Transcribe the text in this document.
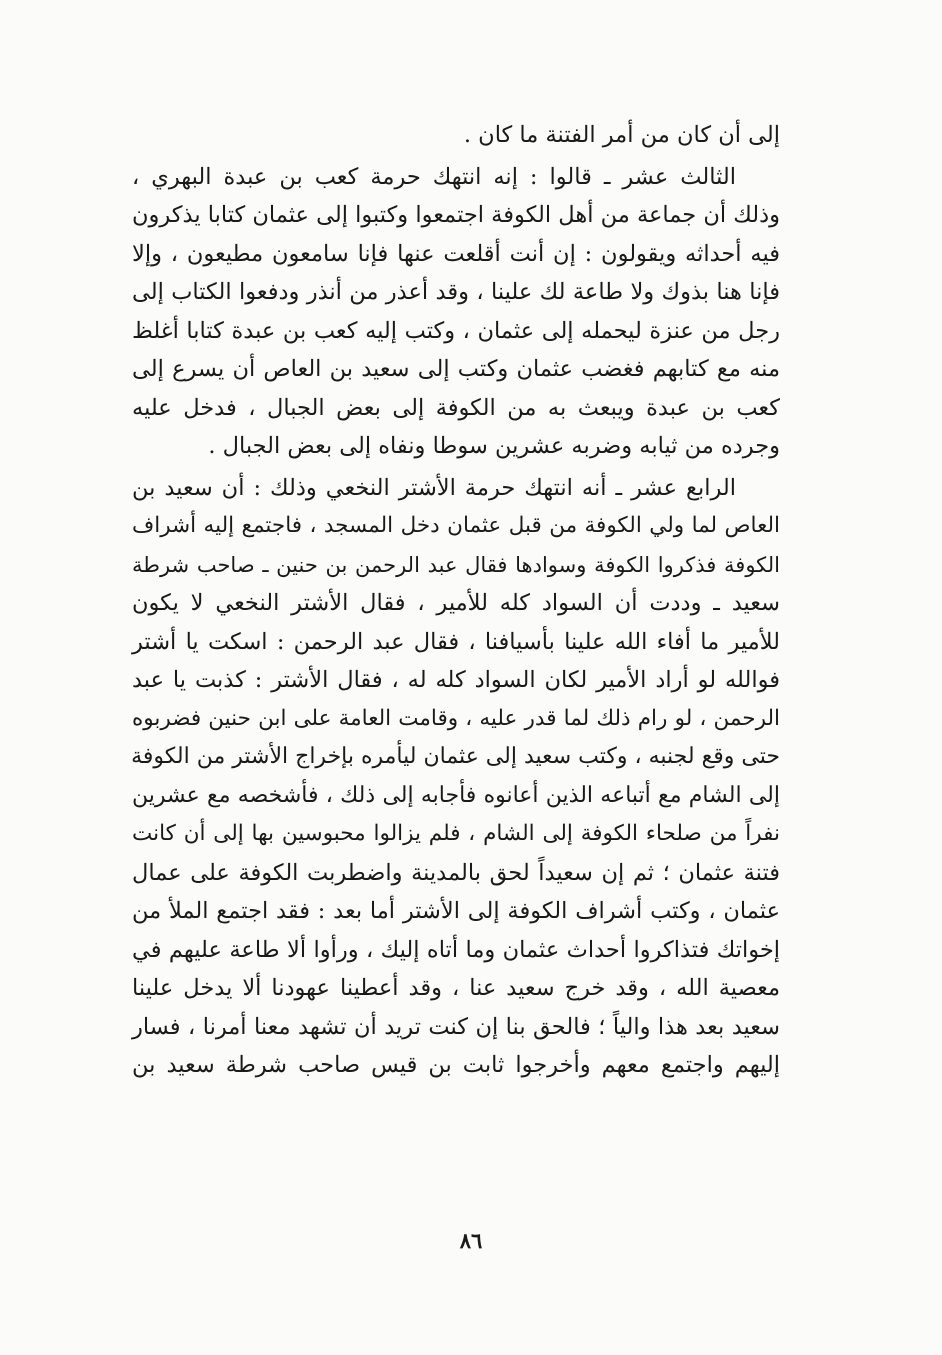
إلى أن كان من أمر الفتنة ما كان .
الثالث عشر ـ قالوا : إنه انتهك حرمة كعب بن عبدة البهري ،
وذلك أن جماعة من أهل الكوفة اجتمعوا وكتبوا إلى عثمان كتابا يذكرون
فيه أحداثه ويقولون : إن أنت أقلعت عنها فإنا سامعون مطيعون ، وإلا
فإنا هنا بذوك ولا طاعة لك علينا ، وقد أعذر من أنذر ودفعوا الكتاب إلى
رجل من عنزة ليحمله إلى عثمان ، وكتب إليه كعب بن عبدة كتابا أغلظ
منه مع كتابهم فغضب عثمان وكتب إلى سعيد بن العاص أن يسرع إلى
كعب بن عبدة ويبعث به من الكوفة إلى بعض الجبال ، فدخل عليه
وجرده من ثيابه وضربه عشرين سوطا ونفاه إلى بعض الجبال .
الرابع عشر ـ أنه انتهك حرمة الأشتر النخعي وذلك : أن سعيد بن
العاص لما ولي الكوفة من قبل عثمان دخل المسجد ، فاجتمع إليه أشراف
الكوفة فذكروا الكوفة وسوادها فقال عبد الرحمن بن حنين ـ صاحب شرطة
سعيد ـ وددت أن السواد كله للأمير ، فقال الأشتر النخعي لا يكون
للأمير ما أفاء الله علينا بأسيافنا ، فقال عبد الرحمن : اسكت يا أشتر
فوالله لو أراد الأمير لكان السواد كله له ، فقال الأشتر : كذبت يا عبد
الرحمن ، لو رام ذلك لما قدر عليه ، وقامت العامة على ابن حنين فضربوه
حتى وقع لجنبه ، وكتب سعيد إلى عثمان ليأمره بإخراج الأشتر من الكوفة
إلى الشام مع أتباعه الذين أعانوه فأجابه إلى ذلك ، فأشخصه مع عشرين
نفراً من صلحاء الكوفة إلى الشام ، فلم يزالوا محبوسين بها إلى أن كانت
فتنة عثمان ؛ ثم إن سعيداً لحق بالمدينة واضطربت الكوفة على عمال
عثمان ، وكتب أشراف الكوفة إلى الأشتر أما بعد : فقد اجتمع الملأ من
إخواتك فتذاكروا أحداث عثمان وما أتاه إليك ، ورأوا ألا طاعة عليهم في
معصية الله ، وقد خرج سعيد عنا ، وقد أعطينا عهودنا ألا يدخل علينا
سعيد بعد هذا والياً ؛ فالحق بنا إن كنت تريد أن تشهد معنا أمرنا ، فسار
إليهم واجتمع معهم وأخرجوا ثابت بن قيس صاحب شرطة سعيد بن
٨٦
